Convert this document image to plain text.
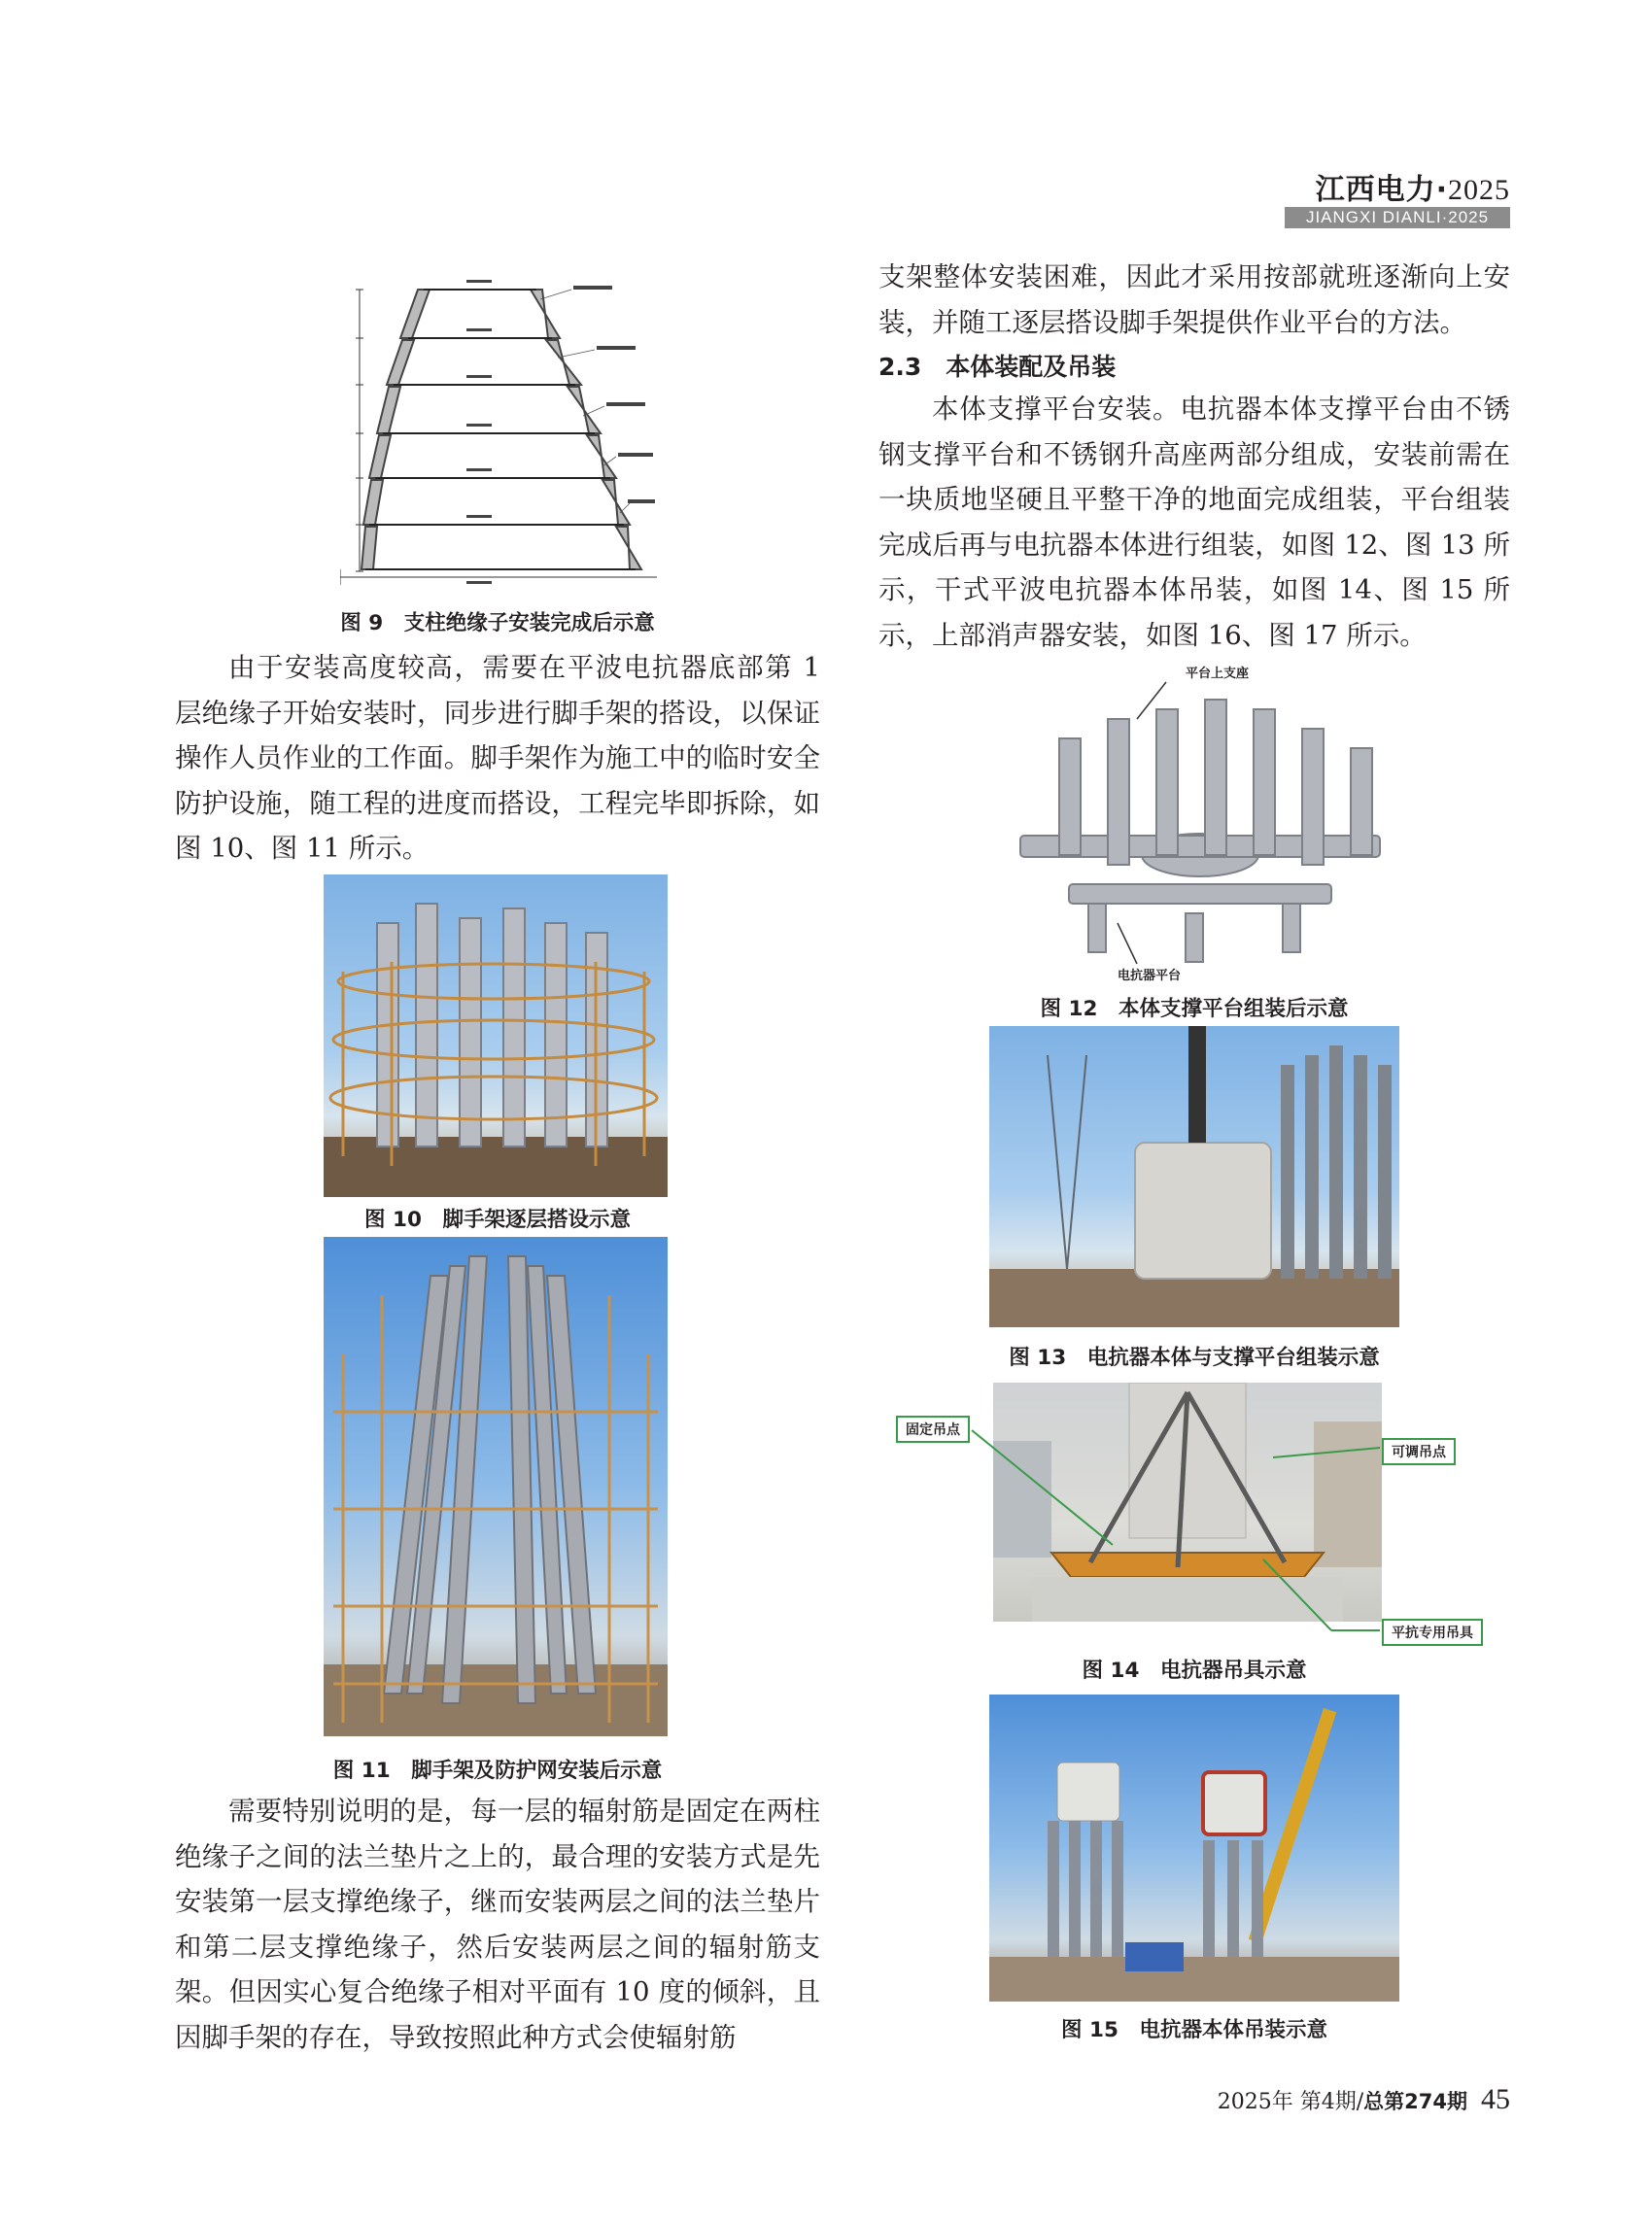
江西电力·2025
JIANGXI DIANLI·2025
图 9　支柱绝缘子安装完成后示意

由于安装高度较高，需要在平波电抗器底部第 1 层绝缘子开始安装时，同步进行脚手架的搭设，以保证操作人员作业的工作面。脚手架作为施工中的临时安全防护设施，随工程的进度而搭设，工程完毕即拆除，如图 10、图 11 所示。

图 10　脚手架逐层搭设示意
图 11　脚手架及防护网安装后示意

需要特别说明的是，每一层的辐射筋是固定在两柱绝缘子之间的法兰垫片之上的，最合理的安装方式是先安装第一层支撑绝缘子，继而安装两层之间的法兰垫片和第二层支撑绝缘子，然后安装两层之间的辐射筋支架。但因实心复合绝缘子相对平面有 10 度的倾斜，且因脚手架的存在，导致按照此种方式会使辐射筋

支架整体安装困难，因此才采用按部就班逐渐向上安装，并随工逐层搭设脚手架提供作业平台的方法。

2.3　本体装配及吊装

本体支撑平台安装。电抗器本体支撑平台由不锈钢支撑平台和不锈钢升高座两部分组成，安装前需在一块质地坚硬且平整干净的地面完成组装，平台组装完成后再与电抗器本体进行组装，如图 12、图 13 所示，干式平波电抗器本体吊装，如图 14、图 15 所示，上部消声器安装，如图 16、图 17 所示。

平台上支座
电抗器平台
图 12　本体支撑平台组装后示意
图 13　电抗器本体与支撑平台组装示意
固定吊点
可调吊点
平抗专用吊具
图 14　电抗器吊具示意
图 15　电抗器本体吊装示意
2025年 第4期/总第274期 45
